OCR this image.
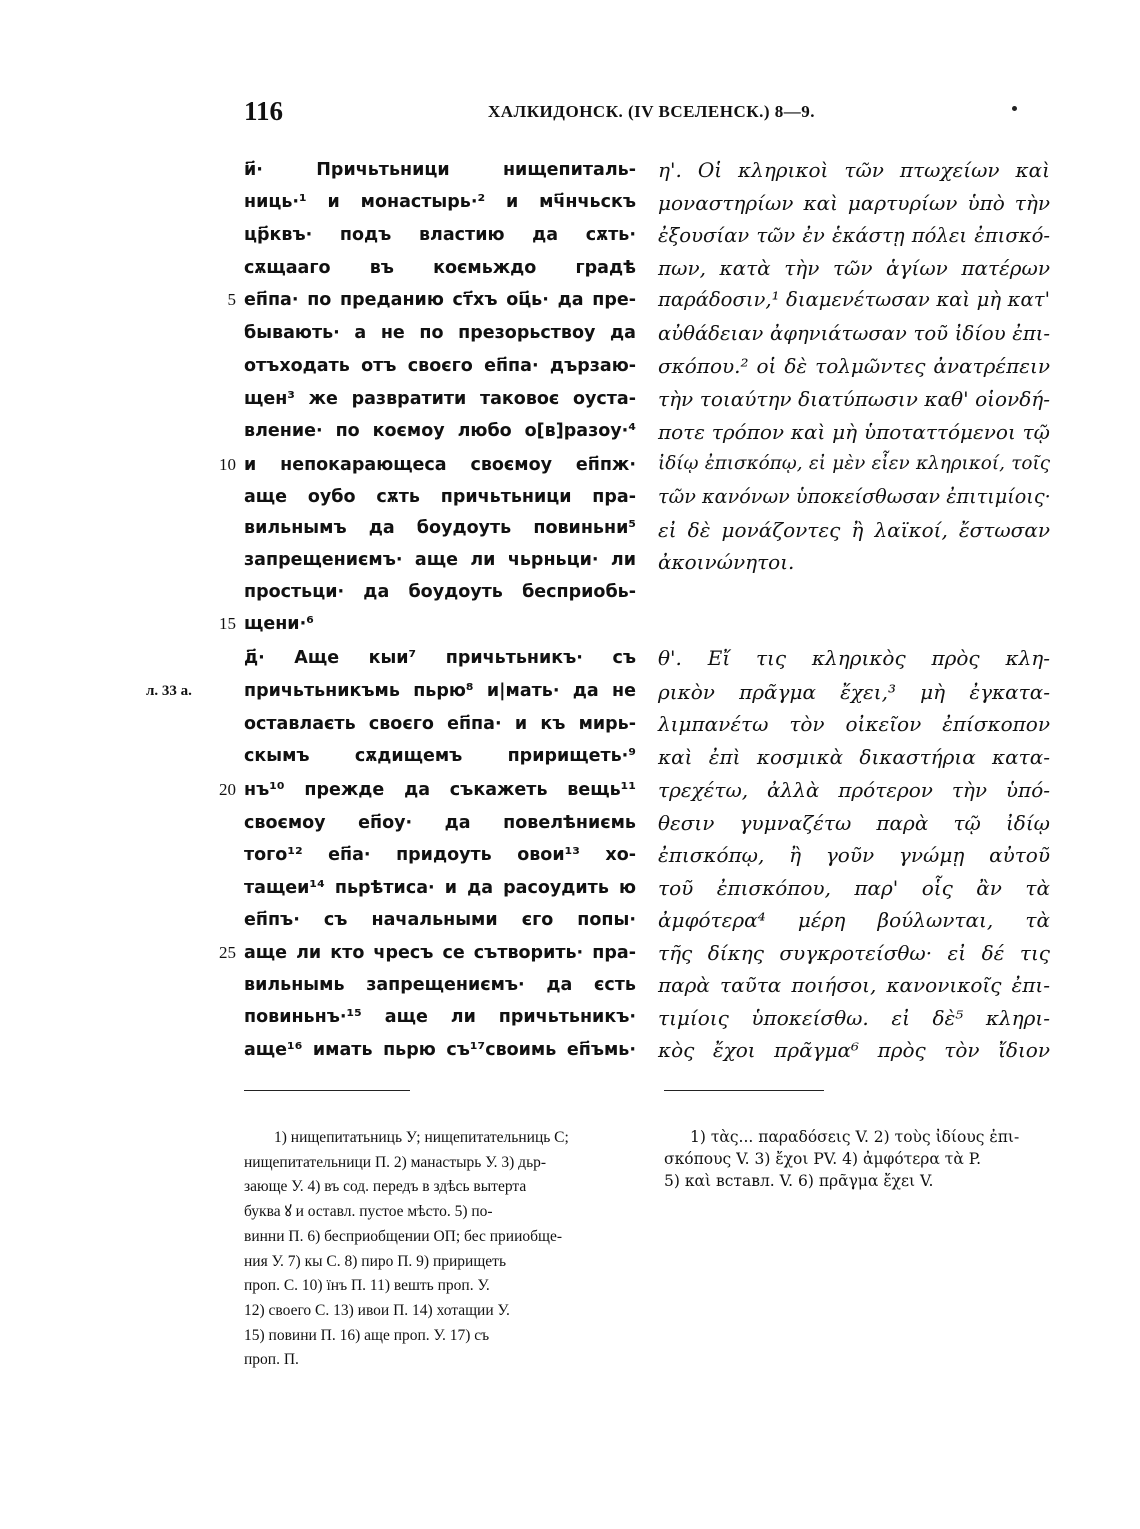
116	ХАЛКИДОНСК. (IV ВСЕЛЕНСК.) 8—9.
5
10
15
20
25
л. 33 а.
и҃· Причьтьници нищепиталь-
ниць·¹ и монастырь·² и мч҃нчьскъ
цр҃квъ· подъ властию да сѫть·
сѫщааго въ коємьждо градѣ
еп҃па· по преданию ст҃хъ оц҃ь· да пре-
бывають· а не по презорьствоу да
отъходать отъ своєго еп҃па· дързаю-
щен³ же развратити таковоє оустa-
вление· по коємоу любо о[в]разоу·⁴
и непокарающеса своємоу еп҃пж·
аще оубо сѫть причьтьници пра-
вильнымъ да боудоуть повиньни⁵
запрещениємъ· аще ли чьрньци· ли
простьци· да боудоуть бесприобь-
щени·⁶
д҃· Аще кыи⁷ причьтьникъ· съ
причьтьникъмь пьрю⁸ и|мать· да не
оставлаєть своєго еп҃па· и къ мирь-
скымъ сѫдищемъ пририщеть·⁹
нъ¹⁰ прежде да съкажеть вещь¹¹
своємоу еп҃оу· да повелѣниємь
того¹² еп҃а· придоуть овои¹³ хо-
тащеи¹⁴ пьрѣтиса· и да расоудить ю
еп҃пъ· съ начальными єго попы·
аще ли кто чресъ се сътворить· пра-
вильнымь запрещениємъ· да єсть
повиньнъ·¹⁵ аще ли причьтьникъ·
аще¹⁶ имать пьрю съ¹⁷своимь еп҃ъмь·
η'. Οἱ κληρικοὶ τῶν πτωχείων καὶ
μοναστηρίων καὶ μαρτυρίων ὑπὸ τὴν
ἐξουσίαν τῶν ἐν ἑκάστῃ πόλει ἐπισκό-
πων, κατὰ τὴν τῶν ἁγίων πατέρων
παράδοσιν,¹ διαμενέτωσαν καὶ μὴ κατ'
αὐθάδειαν ἀφηνιάτωσαν τοῦ ἰδίου ἐπι-
σκόπου.² οἱ δὲ τολμῶντες ἀνατρέπειν
τὴν τοιαύτην διατύπωσιν καθ' οἱονδή-
ποτε τρόπον καὶ μὴ ὑποταττόμενοι τῷ
ἰδίῳ ἐπισκόπῳ, εἰ μὲν εἶεν κληρικοί, τοῖς
τῶν κανόνων ὑποκείσθωσαν ἐπιτιμίοις·
εἰ δὲ μονάζοντες ἢ λαϊκοί, ἔστωσαν
ἀκοινώνητοι.
θ'. Εἴ τις κληρικὸς πρὸς κλη-
ρικὸν πρᾶγμα ἔχει,³ μὴ ἐγκατα-
λιμπανέτω τὸν οἰκεῖον ἐπίσκοπον
καὶ ἐπὶ κοσμικὰ δικαστήρια κατα-
τρεχέτω, ἀλλὰ πρότερον τὴν ὑπό-
θεσιν γυμναζέτω παρὰ τῷ ἰδίῳ
ἐπισκόπῳ, ἢ γοῦν γνώμῃ αὐτοῦ
τοῦ ἐπισκόπου, παρ' οἷς ἂν τὰ
ἀμφότερα⁴ μέρη βούλωνται, τὰ
τῆς δίκης συγκροτείσθω· εἰ δέ τις
παρὰ ταῦτα ποιήσοι, κανονικοῖς ἐπι-
τιμίοις ὑποκείσθω. εἰ δὲ⁵ κληρι-
κὸς ἔχοι πρᾶγμα⁶ πρὸς τὸν ἴδιον
1) нищепитатьниць У; нищепитательниць С;
нищепитательници П. 2) манастырь У. 3) дьр-
зающе У. 4) въ сод. передъ в здѣсь вытерта
буква ꙋ и оставл. пустое мѣсто. 5) по-
винни П. 6) бесприобщении ОП; бес прииобще-
ния У. 7) кы С. 8) пиро П. 9) пририщеть
проп. С. 10) їнъ П. 11) вешть проп. У.
12) своего С. 13) ивои П. 14) хотащии У.
15) повини П. 16) аще проп. У. 17) съ
проп. П.
1) τὰς... παραδόσεις V. 2) τοὺς ἰδίους ἐπι-
σκόπους V. 3) ἔχοι PV. 4) ἀμφότερα τὰ P.
5) καὶ вставл. V. 6) πρᾶγμα ἔχει V.
